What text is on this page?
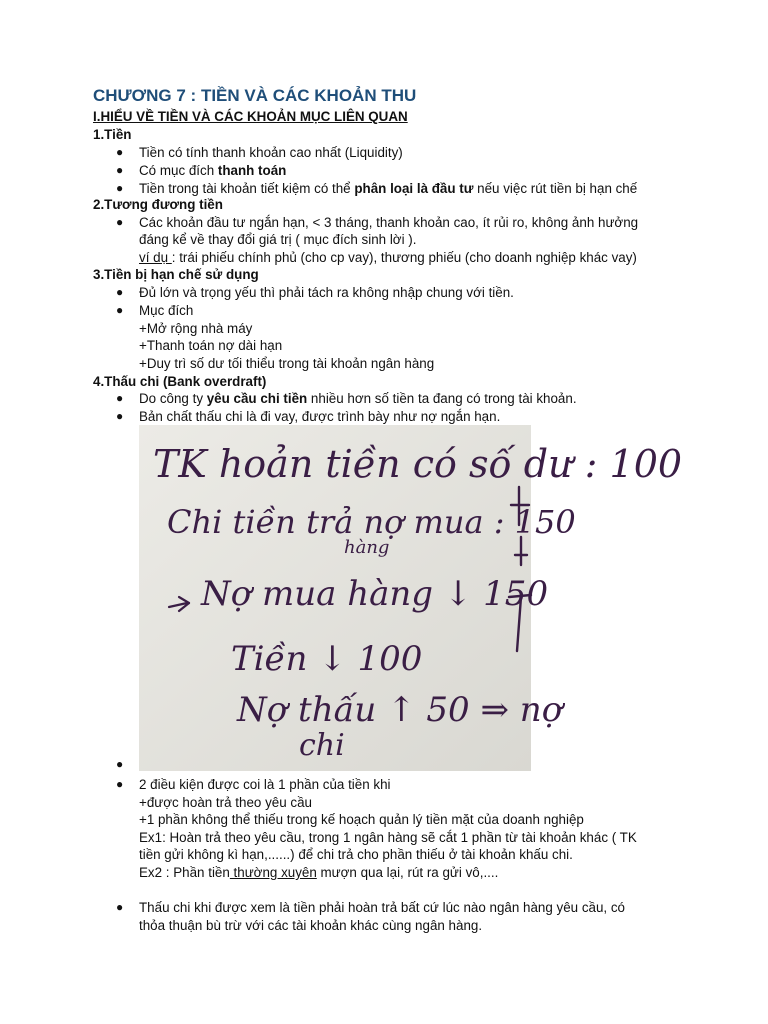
CHƯƠNG 7 : TIỀN VÀ CÁC KHOẢN THU

I.HIỂU VỀ TIỀN VÀ CÁC KHOẢN MỤC LIÊN QUAN

1.Tiền

● Tiền có tính thanh khoản cao nhất (Liquidity)

● Có mục đích thanh toán

● Tiền trong tài khoản tiết kiệm có thể phân loại là đầu tư nếu việc rút tiền bị hạn chế

2.Tương đương tiền

● Các khoản đầu tư ngắn hạn, < 3 tháng, thanh khoản cao, ít rủi ro, không ảnh hưởng

đáng kể về thay đổi giá trị ( mục đích sinh lời ).

ví dụ : trái phiếu chính phủ (cho cp vay), thương phiếu (cho doanh nghiệp khác vay)

3.Tiền bị hạn chế sử dụng

● Đủ lớn và trọng yếu thì phải tách ra không nhập chung với tiền.

● Mục đích

+Mở rộng nhà máy

+Thanh toán nợ dài hạn

+Duy trì số dư tối thiểu trong tài khoản ngân hàng

4.Thấu chi (Bank overdraft)

● Do công ty yêu cầu chi tiền nhiều hơn số tiền ta đang có trong tài khoản.

● Bản chất thấu chi là đi vay, được trình bày như nợ ngắn hạn.

TK hoản tiền có số dư : 100
Chi tiền trả nợ mua : 150
hàng
Nợ mua hàng ↓ 150
Tiền ↓ 100
Nợ thấu ↑ 50 ⇒ nợ
chi
●
● 2 điều kiện được coi là 1 phần của tiền khi

+được hoàn trả theo yêu cầu

+1 phần không thể thiếu trong kế hoạch quản lý tiền mặt của doanh nghiệp

Ex1: Hoàn trả theo yêu cầu, trong 1 ngân hàng sẽ cắt 1 phần từ tài khoản khác ( TK

tiền gửi không kì hạn,......) để chi trả cho phần thiếu ở tài khoản khấu chi.

Ex2 : Phần tiền thường xuyên mượn qua lại, rút ra gửi vô,....

● Thấu chi khi được xem là tiền phải hoàn trả bất cứ lúc nào ngân hàng yêu cầu, có

thỏa thuận bù trừ với các tài khoản khác cùng ngân hàng.
